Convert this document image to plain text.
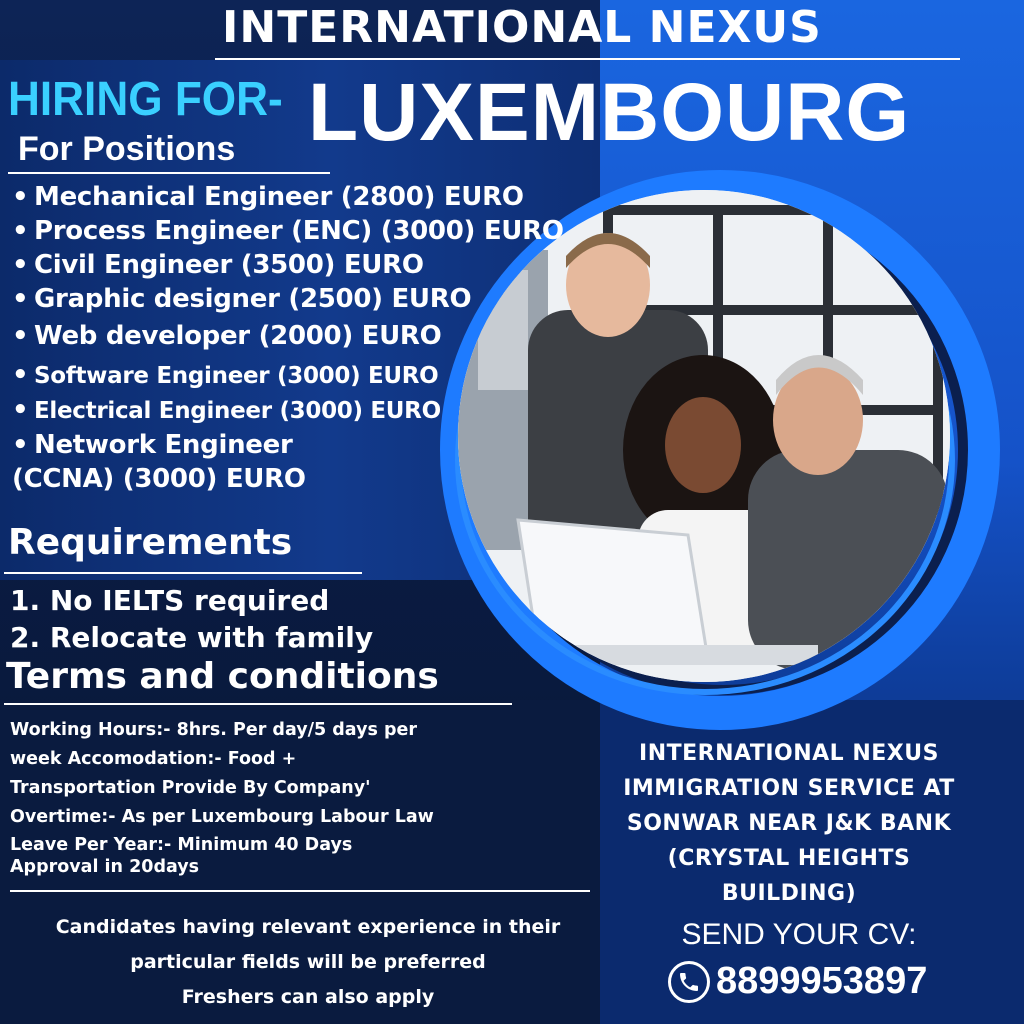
INTERNATIONAL NEXUS
HIRING FOR- LUXEMBOURG
For Positions
• Mechanical Engineer (2800) EURO
• Process Engineer (ENC) (3000) EURO
• Civil Engineer (3500) EURO
• Graphic designer (2500) EURO
• Web developer (2000) EURO
• Software Engineer (3000) EURO
• Electrical Engineer (3000) EURO
• Network Engineer
(CCNA) (3000) EURO
Requirements
1. No IELTS required
2. Relocate with family
Terms and conditions
Working Hours:- 8hrs. Per day/5 days per
week Accomodation:- Food +
Transportation Provide By Company'
Overtime:- As per Luxembourg Labour Law
Leave Per Year:- Minimum 40 Days
Approval in 20days
Candidates having relevant experience in their
particular fields will be preferred
Freshers can also apply
INTERNATIONAL NEXUS
IMMIGRATION SERVICE AT
SONWAR NEAR J&K BANK
(CRYSTAL HEIGHTS
BUILDING)
SEND YOUR CV:
8899953897
